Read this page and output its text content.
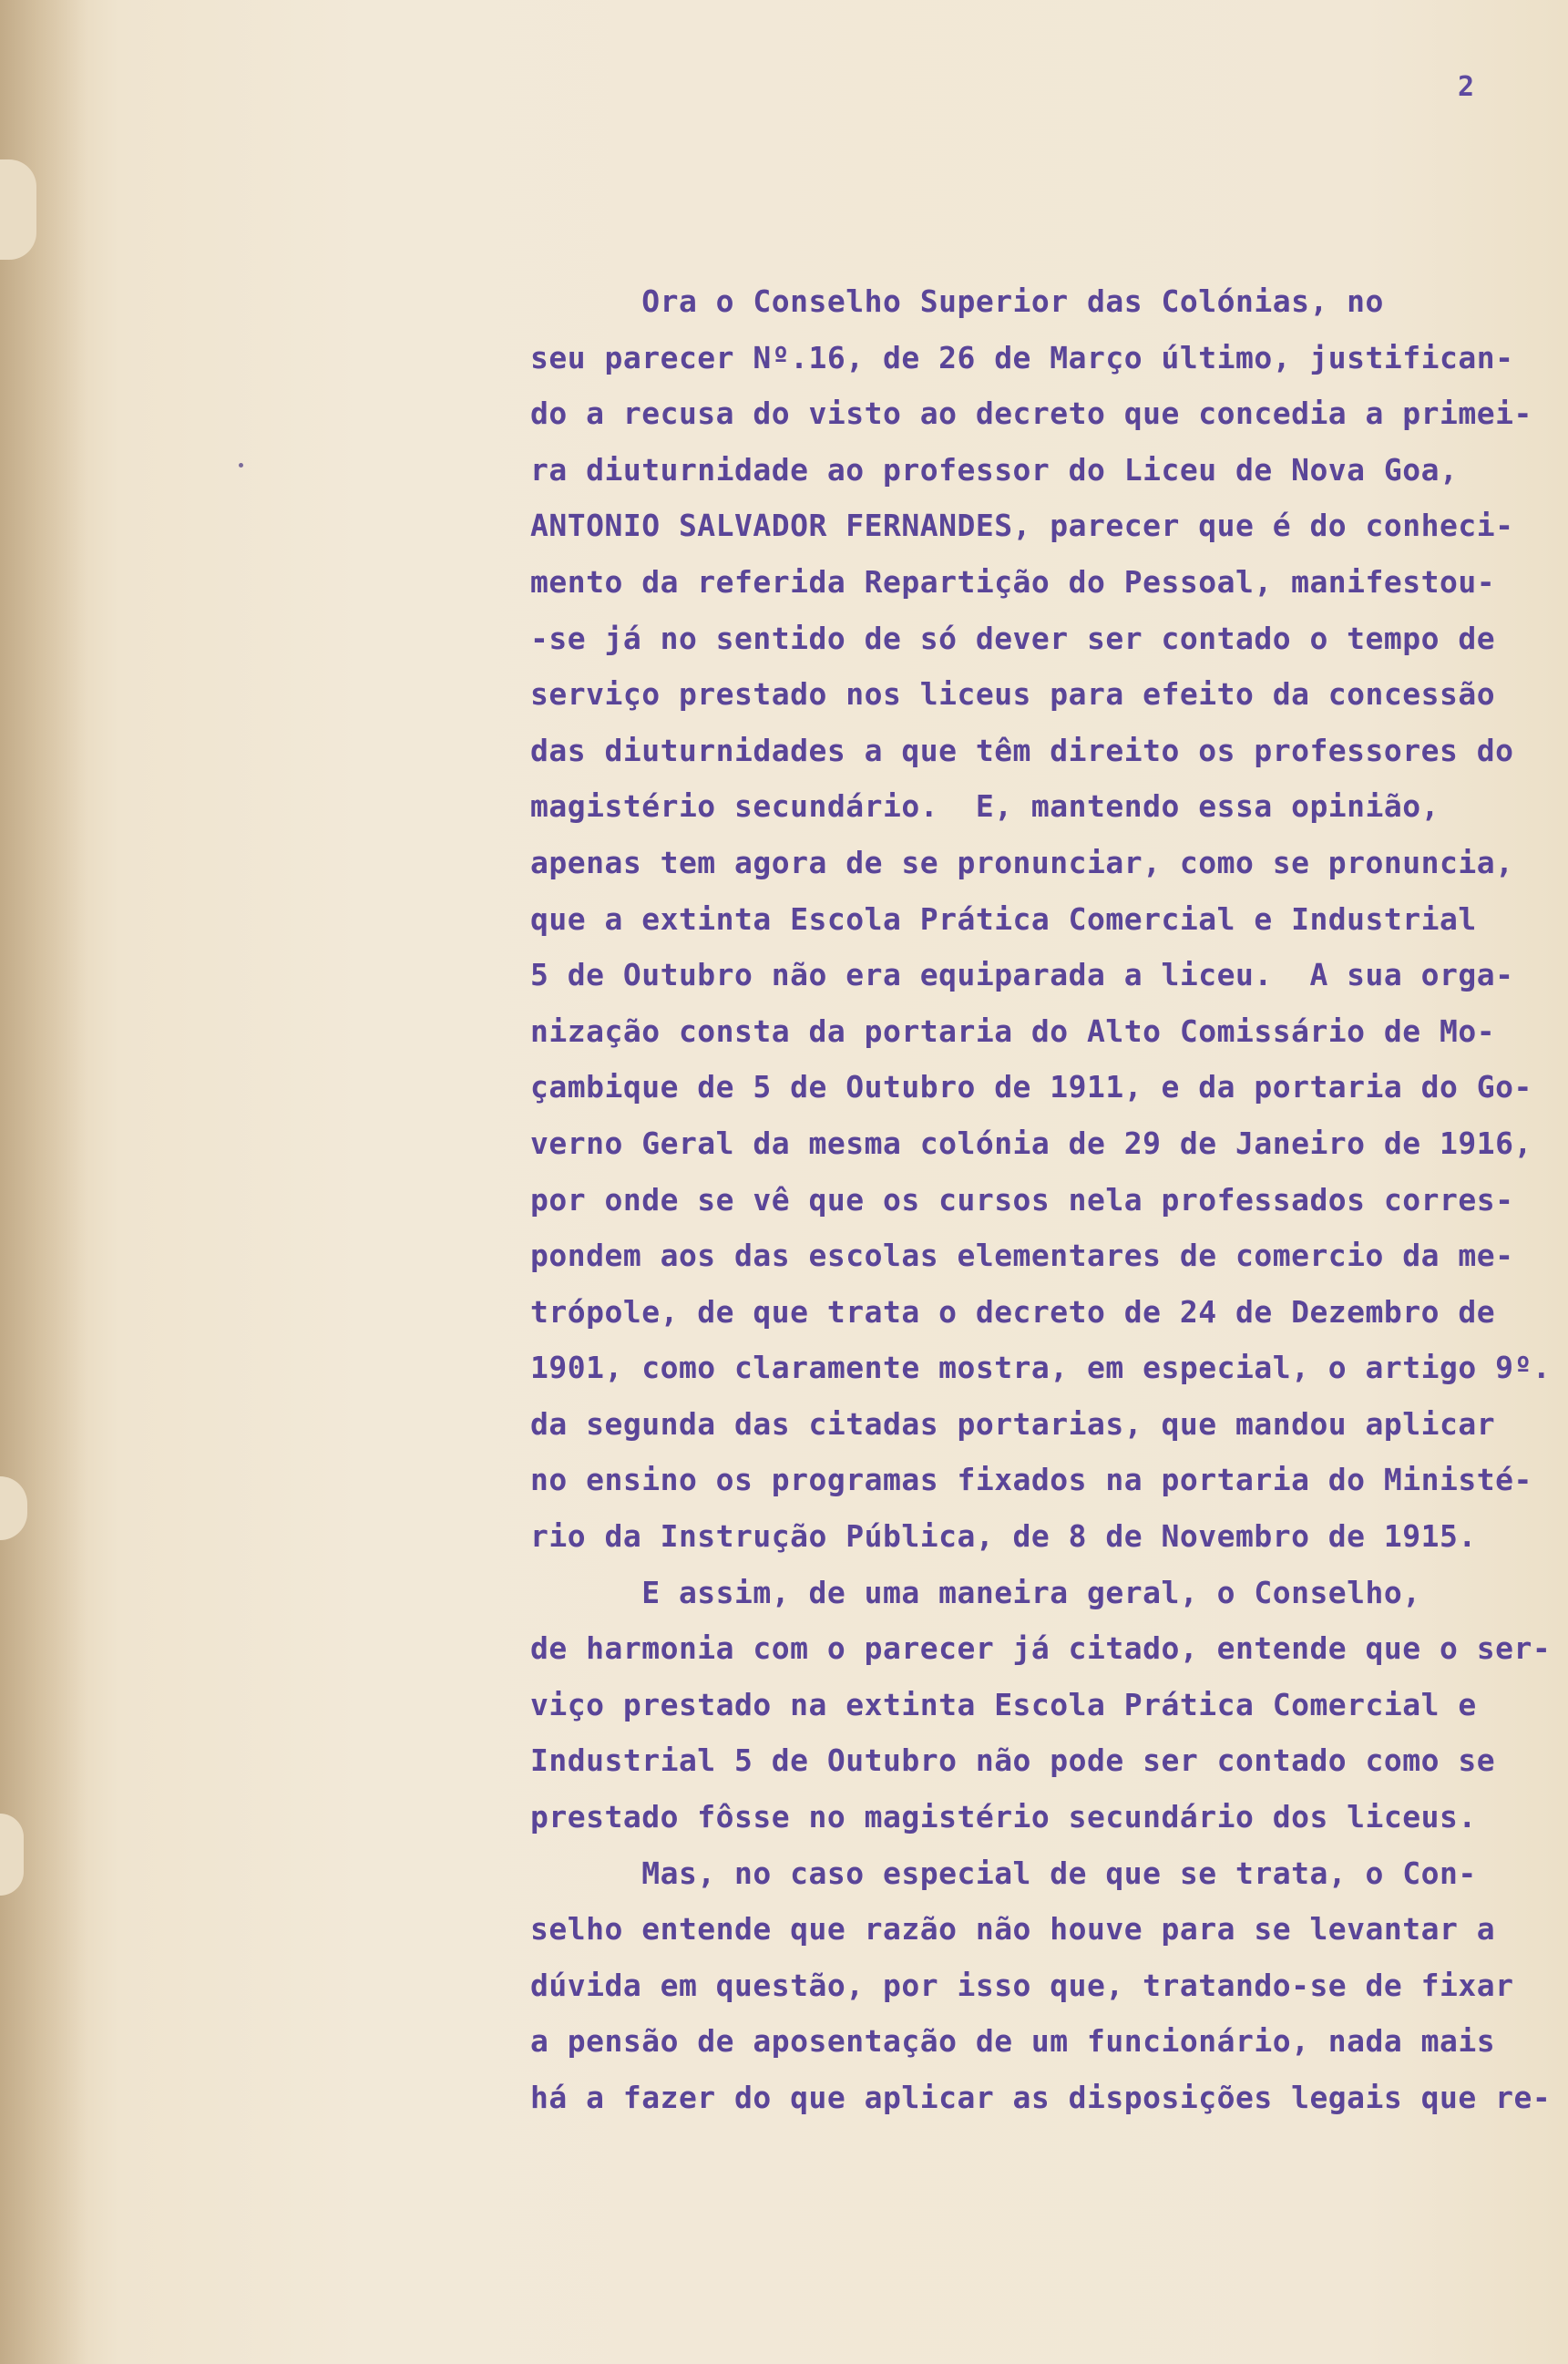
2
Ora o Conselho Superior das Colónias, no
seu parecer Nº.16, de 26 de Março último, justifican-
do a recusa do visto ao decreto que concedia a primei-
ra diuturnidade ao professor do Liceu de Nova Goa,
ANTONIO SALVADOR FERNANDES, parecer que é do conheci-
mento da referida Repartição do Pessoal, manifestou-
-se já no sentido de só dever ser contado o tempo de
serviço prestado nos liceus para efeito da concessão
das diuturnidades a que têm direito os professores do
magistério secundário.  E, mantendo essa opinião,
apenas tem agora de se pronunciar, como se pronuncia,
que a extinta Escola Prática Comercial e Industrial
5 de Outubro não era equiparada a liceu.  A sua orga-
nização consta da portaria do Alto Comissário de Mo-
çambique de 5 de Outubro de 1911, e da portaria do Go-
verno Geral da mesma colónia de 29 de Janeiro de 1916,
por onde se vê que os cursos nela professados corres-
pondem aos das escolas elementares de comercio da me-
trópole, de que trata o decreto de 24 de Dezembro de
1901, como claramente mostra, em especial, o artigo 9º.
da segunda das citadas portarias, que mandou aplicar
no ensino os programas fixados na portaria do Ministé-
rio da Instrução Pública, de 8 de Novembro de 1915.
E assim, de uma maneira geral, o Conselho,
de harmonia com o parecer já citado, entende que o ser-
viço prestado na extinta Escola Prática Comercial e
Industrial 5 de Outubro não pode ser contado como se
prestado fôsse no magistério secundário dos liceus.
Mas, no caso especial de que se trata, o Con-
selho entende que razão não houve para se levantar a
dúvida em questão, por isso que, tratando-se de fixar
a pensão de aposentação de um funcionário, nada mais
há a fazer do que aplicar as disposições legais que re-
